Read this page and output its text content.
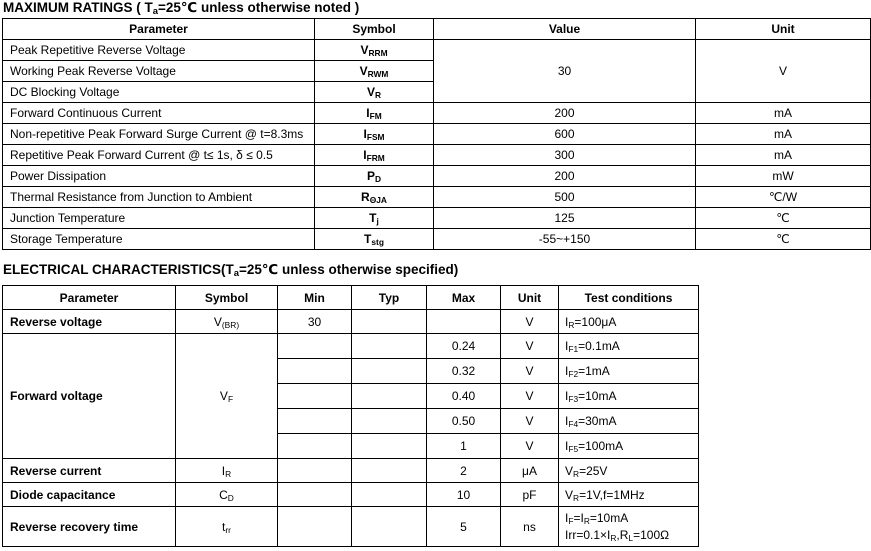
MAXIMUM RATINGS ( $T_a=25℃$ unless otherwise noted )
Parameter	Symbol	Value	Unit
Peak Repetitive Reverse Voltage	$V_{RRM}$	30	V
Working Peak Reverse Voltage	$V_{RWM}$
DC Blocking Voltage	$V_R$
Forward Continuous Current	$I_{FM}$	200	mA
Non-repetitive Peak Forward Surge Current @ t=8.3ms	$I_{FSM}$	600	mA
Repetitive Peak Forward Current @ t≤ 1s, δ ≤ 0.5	$I_{FRM}$	300	mA
Power Dissipation	$P_D$	200	mW
Thermal Resistance from Junction to Ambient	$R_{\Theta JA}$	500	℃/W
Junction Temperature	$T_j$	125	℃
Storage Temperature	$T_{stg}$	-55~+150	℃
ELECTRICAL $CHARACTERISTICS(T_a=25℃$ unless otherwise specified)
Parameter	Symbol	Min	Typ	Max	Unit	Test conditions
Reverse voltage	$V_{(BR)}$	30			V	$I_R=100\mu A$
Forward voltage	$V_F$			0.24	V	$I_{F1}=0.1mA$
				0.32	V	$I_{F2}=1mA$
				0.40	V	$I_{F3}=10mA$
				0.50	V	$I_{F4}=30mA$
				1	V	$I_{F5}=100mA$
Reverse current	$I_R$			2	μA	$V_R=25V$
Diode capacitance	$C_D$			10	pF	$V_R=1V,f=1MHz$
Reverse recovery time	$t_{rr}$			5	ns	$I_F=I_R=10mA$
$Irr=0.1\times I_R,R_L=100\Omega$
